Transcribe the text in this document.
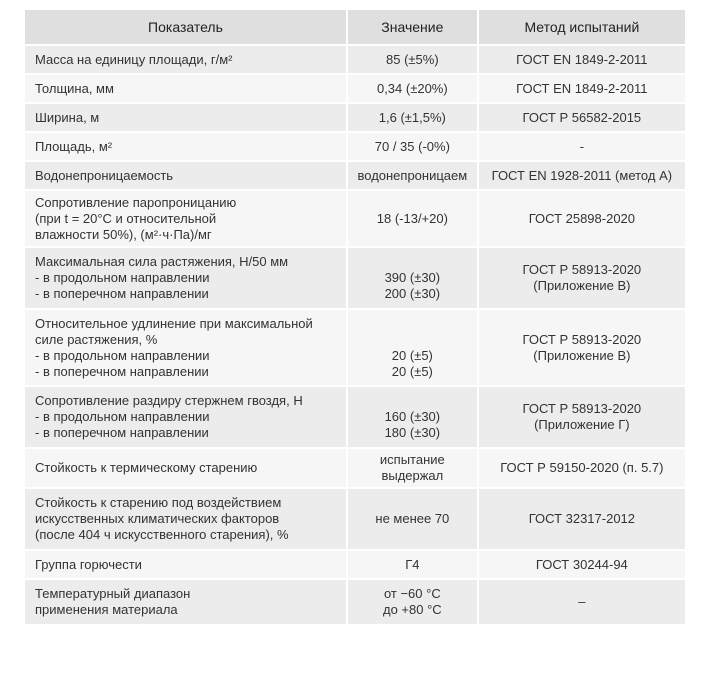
Показатель	Значение	Метод испытаний

Масса на единицу площади, г/м²	85 (±5%)	ГОСТ EN 1849-2-2011

Толщина, мм	0,34 (±20%)	ГОСТ EN 1849-2-2011

Ширина, м	1,6 (±1,5%)	ГОСТ Р 56582-2015

Площадь, м²	70 / 35 (-0%)	-

Водонепроницаемость	водонепроницаем	ГОСТ EN 1928-2011 (метод А)

Сопротивление паропроницанию
(при t = 20°С и относительной
влажности 50%), (м²·ч·Па)/мг	18 (-13/+20)	ГОСТ 25898-2020

Максимальная сила растяжения, Н/50 мм
- в продольном направлении
- в поперечном направлении	390 (±30)
200 (±30)	ГОСТ Р 58913-2020
(Приложение В)

Относительное удлинение при максимальной
силе растяжения, %
- в продольном направлении
- в поперечном направлении	20 (±5)
20 (±5)	ГОСТ Р 58913-2020
(Приложение В)

Сопротивление раздиру стержнем гвоздя, Н
- в продольном направлении
- в поперечном направлении	160 (±30)
180 (±30)	ГОСТ Р 58913-2020
(Приложение Г)

Стойкость к термическому старению	испытание
выдержал	ГОСТ Р 59150-2020 (п. 5.7)

Стойкость к старению под воздействием
искусственных климатических факторов
(после 404 ч искусственного старения), %	не менее 70	ГОСТ 32317-2012

Группа горючести	Г4	ГОСТ 30244-94

Температурный диапазон
применения материала	от −60 °С
до +80 °С	–
